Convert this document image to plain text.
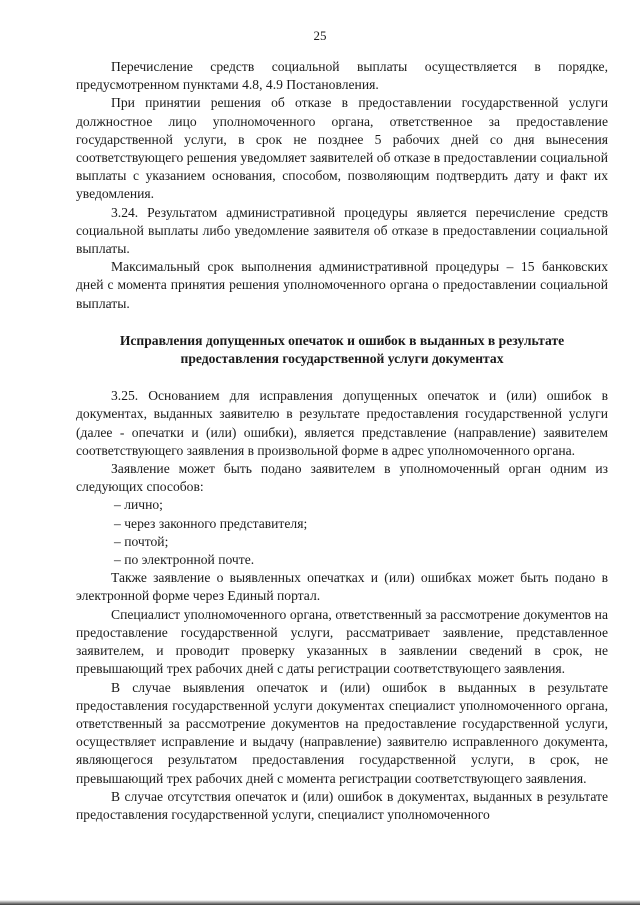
25

Перечисление средств социальной выплаты осуществляется в порядке, предусмотренном пунктами 4.8, 4.9 Постановления.

При принятии решения об отказе в предоставлении государственной услуги должностное лицо уполномоченного органа, ответственное за предоставление государственной услуги, в срок не позднее 5 рабочих дней со дня вынесения соответствующего решения уведомляет заявителей об отказе в предоставлении социальной выплаты с указанием основания, способом, позволяющим подтвердить дату и факт их уведомления.

3.24. Результатом административной процедуры является перечисление средств социальной выплаты либо уведомление заявителя об отказе в предоставлении социальной выплаты.

Максимальный срок выполнения административной процедуры – 15 банковских дней с момента принятия решения уполномоченного органа о предоставлении социальной выплаты.

Исправления допущенных опечаток и ошибок в выданных в результате предоставления государственной услуги документах

3.25. Основанием для исправления допущенных опечаток и (или) ошибок в документах, выданных заявителю в результате предоставления государственной услуги (далее - опечатки и (или) ошибки), является представление (направление) заявителем соответствующего заявления в произвольной форме в адрес уполномоченного органа.

Заявление может быть подано заявителем в уполномоченный орган одним из следующих способов:

– лично;
– через законного представителя;
– почтой;
– по электронной почте.

Также заявление о выявленных опечатках и (или) ошибках может быть подано в электронной форме через Единый портал.

Специалист уполномоченного органа, ответственный за рассмотрение документов на предоставление государственной услуги, рассматривает заявление, представленное заявителем, и проводит проверку указанных в заявлении сведений в срок, не превышающий трех рабочих дней с даты регистрации соответствующего заявления.

В случае выявления опечаток и (или) ошибок в выданных в результате предоставления государственной услуги документах специалист уполномоченного органа, ответственный за рассмотрение документов на предоставление государственной услуги, осуществляет исправление и выдачу (направление) заявителю исправленного документа, являющегося результатом предоставления государственной услуги, в срок, не превышающий трех рабочих дней с момента регистрации соответствующего заявления.

В случае отсутствия опечаток и (или) ошибок в документах, выданных в результате предоставления государственной услуги, специалист уполномоченного
